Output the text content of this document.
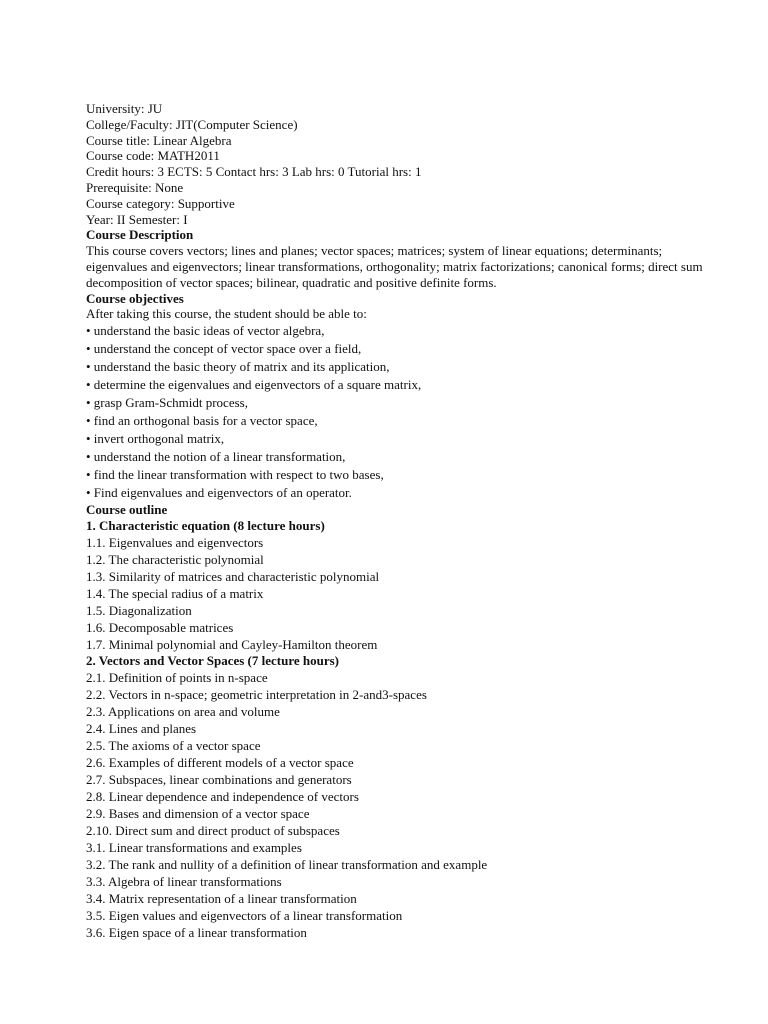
University: JU
College/Faculty: JIT(Computer Science)
Course title: Linear Algebra
Course code: MATH2011
Credit hours: 3 ECTS: 5 Contact hrs: 3 Lab hrs: 0 Tutorial hrs: 1
Prerequisite: None
Course category: Supportive
Year: II Semester: I
Course Description
This course covers vectors; lines and planes; vector spaces; matrices; system of linear equations; determinants; eigenvalues and eigenvectors; linear transformations, orthogonality; matrix factorizations; canonical forms; direct sum decomposition of vector spaces; bilinear, quadratic and positive definite forms.
Course objectives
After taking this course, the student should be able to:
• understand the basic ideas of vector algebra,
• understand the concept of vector space over a field,
• understand the basic theory of matrix and its application,
• determine the eigenvalues and eigenvectors of a square matrix,
• grasp Gram-Schmidt process,
• find an orthogonal basis for a vector space,
• invert orthogonal matrix,
• understand the notion of a linear transformation,
• find the linear transformation with respect to two bases,
• Find eigenvalues and eigenvectors of an operator.
Course outline
1. Characteristic equation (8 lecture hours)
1.1. Eigenvalues and eigenvectors
1.2. The characteristic polynomial
1.3. Similarity of matrices and characteristic polynomial
1.4. The special radius of a matrix
1.5. Diagonalization
1.6. Decomposable matrices
1.7. Minimal polynomial and Cayley-Hamilton theorem
2. Vectors and Vector Spaces (7 lecture hours)
2.1. Definition of points in n-space
2.2. Vectors in n-space; geometric interpretation in 2-and3-spaces
2.3. Applications on area and volume
2.4. Lines and planes
2.5. The axioms of a vector space
2.6. Examples of different models of a vector space
2.7. Subspaces, linear combinations and generators
2.8. Linear dependence and independence of vectors
2.9. Bases and dimension of a vector space
2.10. Direct sum and direct product of subspaces
3.1. Linear transformations and examples
3.2. The rank and nullity of a definition of linear transformation and example
3.3. Algebra of linear transformations
3.4. Matrix representation of a linear transformation
3.5. Eigen values and eigenvectors of a linear transformation
3.6. Eigen space of a linear transformation
